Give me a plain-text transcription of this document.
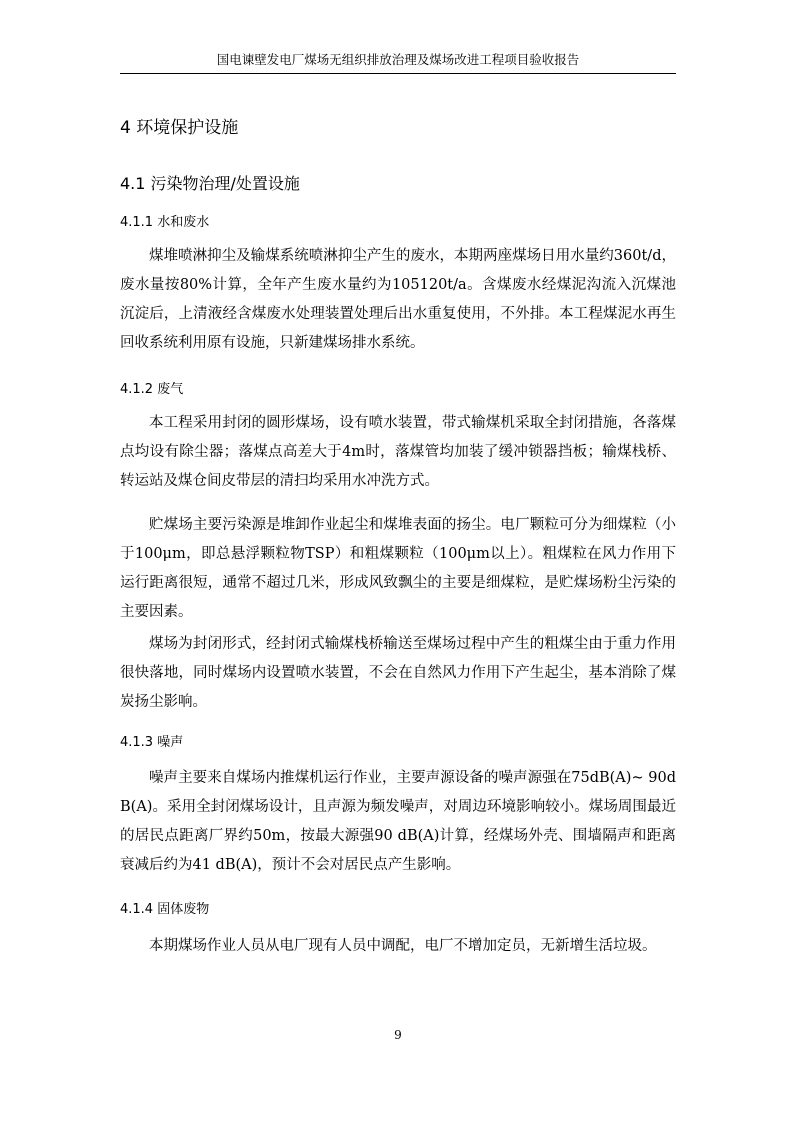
国电谏壁发电厂煤场无组织排放治理及煤场改进工程项目验收报告
4 环境保护设施
4.1 污染物治理/处置设施
4.1.1 水和废水

煤堆喷淋抑尘及输煤系统喷淋抑尘产生的废水，本期两座煤场日用水量约360t/d，废水量按80%计算，全年产生废水量约为105120t/a。含煤废水经煤泥沟流入沉煤池沉淀后，上清液经含煤废水处理装置处理后出水重复使用，不外排。本工程煤泥水再生回收系统利用原有设施，只新建煤场排水系统。

4.1.2 废气

本工程采用封闭的圆形煤场，设有喷水装置，带式输煤机采取全封闭措施，各落煤点均设有除尘器；落煤点高差大于4m时，落煤管均加装了缓冲锁器挡板；输煤栈桥、转运站及煤仓间皮带层的清扫均采用水冲洗方式。

贮煤场主要污染源是堆卸作业起尘和煤堆表面的扬尘。电厂颗粒可分为细煤粒（小于100μm，即总悬浮颗粒物TSP）和粗煤颗粒（100μm以上）。粗煤粒在风力作用下运行距离很短，通常不超过几米，形成风致飘尘的主要是细煤粒，是贮煤场粉尘污染的主要因素。

煤场为封闭形式，经封闭式输煤栈桥输送至煤场过程中产生的粗煤尘由于重力作用很快落地，同时煤场内设置喷水装置，不会在自然风力作用下产生起尘，基本消除了煤炭扬尘影响。

4.1.3 噪声

噪声主要来自煤场内推煤机运行作业，主要声源设备的噪声源强在75dB(A)~ 90dB(A)。采用全封闭煤场设计，且声源为频发噪声，对周边环境影响较小。煤场周围最近的居民点距离厂界约50m，按最大源强90 dB(A)计算，经煤场外壳、围墙隔声和距离衰减后约为41 dB(A)，预计不会对居民点产生影响。

4.1.4 固体废物

本期煤场作业人员从电厂现有人员中调配，电厂不增加定员，无新增生活垃圾。

9
